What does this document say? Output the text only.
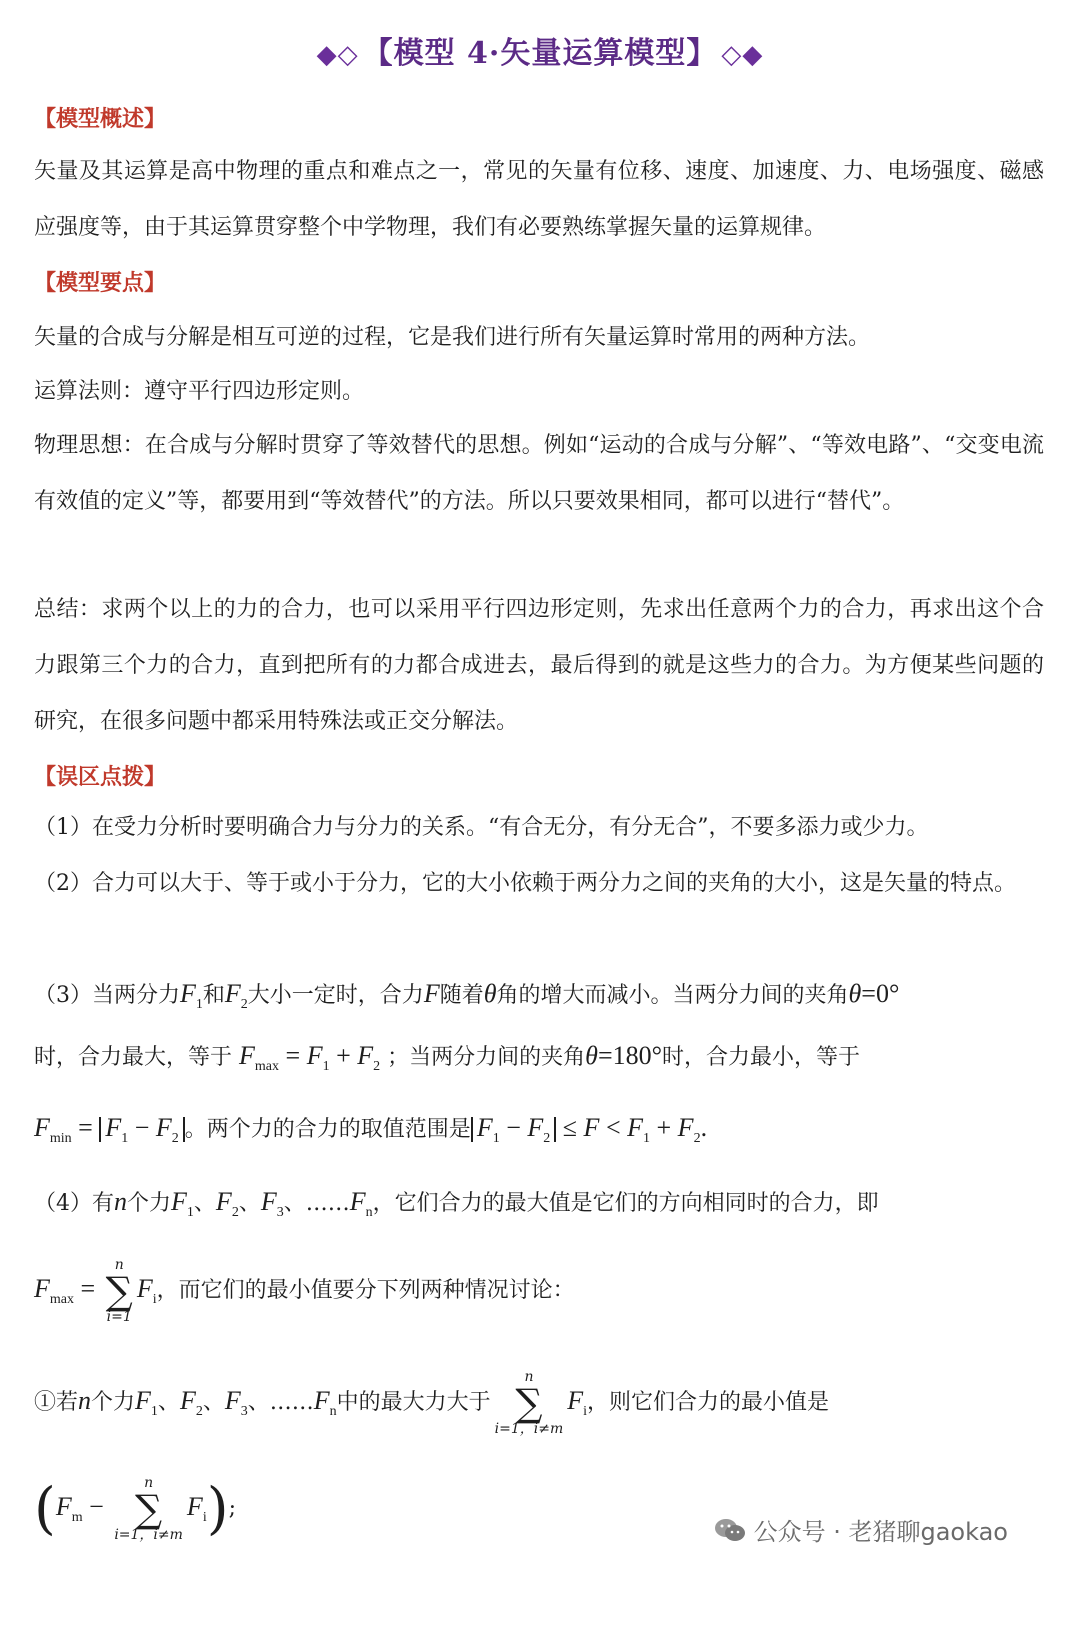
◆◇ 【模型 4·矢量运算模型】 ◇◆
【模型概述】
矢量及其运算是高中物理的重点和难点之一，常见的矢量有位移、速度、加速度、力、电场强度、磁感应强度等，由于其运算贯穿整个中学物理，我们有必要熟练掌握矢量的运算规律。
【模型要点】
矢量的合成与分解是相互可逆的过程，它是我们进行所有矢量运算时常用的两种方法。
运算法则：遵守平行四边形定则。
物理思想：在合成与分解时贯穿了等效替代的思想。例如“运动的合成与分解”、“等效电路”、“交变电流有效值的定义”等，都要用到“等效替代”的方法。所以只要效果相同，都可以进行“替代”。
总结：求两个以上的力的合力，也可以采用平行四边形定则，先求出任意两个力的合力，再求出这个合力跟第三个力的合力，直到把所有的力都合成进去，最后得到的就是这些力的合力。为方便某些问题的研究，在很多问题中都采用特殊法或正交分解法。
【误区点拨】
（1）在受力分析时要明确合力与分力的关系。“有合无分，有分无合”，不要多添力或少力。
（2）合力可以大于、等于或小于分力，它的大小依赖于两分力之间的夹角的大小，这是矢量的特点。
（3）当两分力$F_1$和$F_2$大小一定时，合力F随着θ角的增大而减小。当两分力间的夹角θ=0°
时，合力最大，等于 $F_{max} = F_1 + F_2$ ；当两分力间的夹角θ=180°时，合力最小，等于
$F_{min} = F_1 - F_2$ 。两个力的合力的取值范围是 $F_1 - F_2 \le F < F_1 + F_2$.
（4）有n个力$F_1$、$F_2$、$F_3$、$\dots\dots F_n$，它们合力的最大值是它们的方向相同时的合力，即
$F_{max}$ =
n
∑
i=1
$F_i$，而它们的最小值要分下列两种情况讨论：
①若n个力$F_1$、$F_2$、$F_3$、$\dots\dots F_n$中的最大力大于
n
∑
i=1，i≠m
$F_i$，则它们合力的最小值是
($F_m$ −
n
∑
i=1，i≠m
$F_i$);
公众号 · 老猪聊gaokao
